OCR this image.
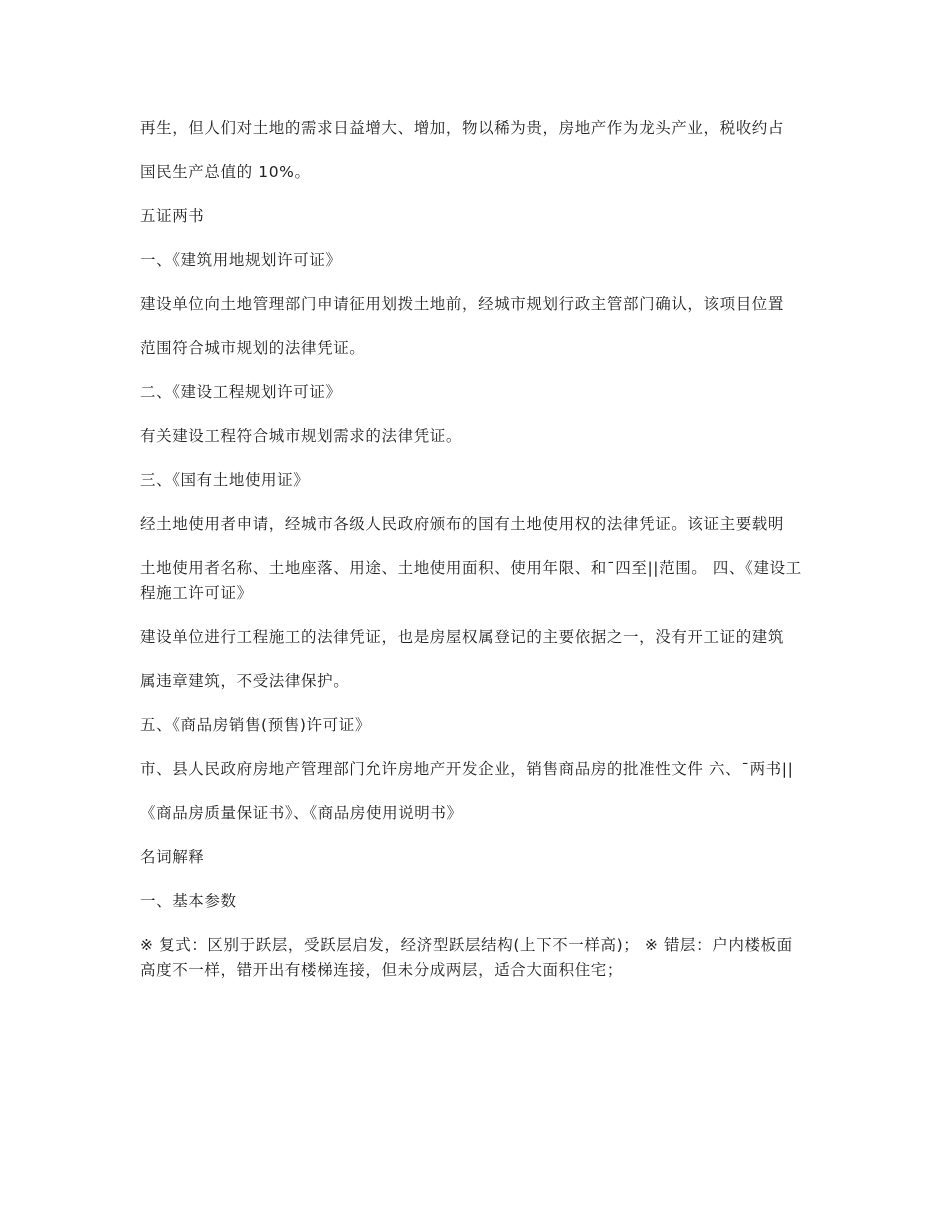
再生，但人们对土地的需求日益增大、增加，物以稀为贵，房地产作为龙头产业，税收约占

国民生产总值的 10%。

五证两书

一、《建筑用地规划许可证》

建设单位向土地管理部门申请征用划拨土地前，经城市规划行政主管部门确认，该项目位置

范围符合城市规划的法律凭证。

二、《建设工程规划许可证》

有关建设工程符合城市规划需求的法律凭证。

三、《国有土地使用证》

经土地使用者申请，经城市各级人民政府颁布的国有土地使用权的法律凭证。该证主要载明

土地使用者名称、土地座落、用途、土地使用面积、使用年限、和¯四至||范围。 四、《建设工程施工许可证》

建设单位进行工程施工的法律凭证，也是房屋权属登记的主要依据之一，没有开工证的建筑

属违章建筑，不受法律保护。

五、《商品房销售(预售)许可证》

市、县人民政府房地产管理部门允许房地产开发企业，销售商品房的批准性文件 六、¯两书||

《商品房质量保证书》、《商品房使用说明书》

名词解释

一、基本参数

※ 复式：区别于跃层，受跃层启发，经济型跃层结构(上下不一样高)； ※ 错层：户内楼板面高度不一样，错开出有楼梯连接，但未分成两层，适合大面积住宅；
